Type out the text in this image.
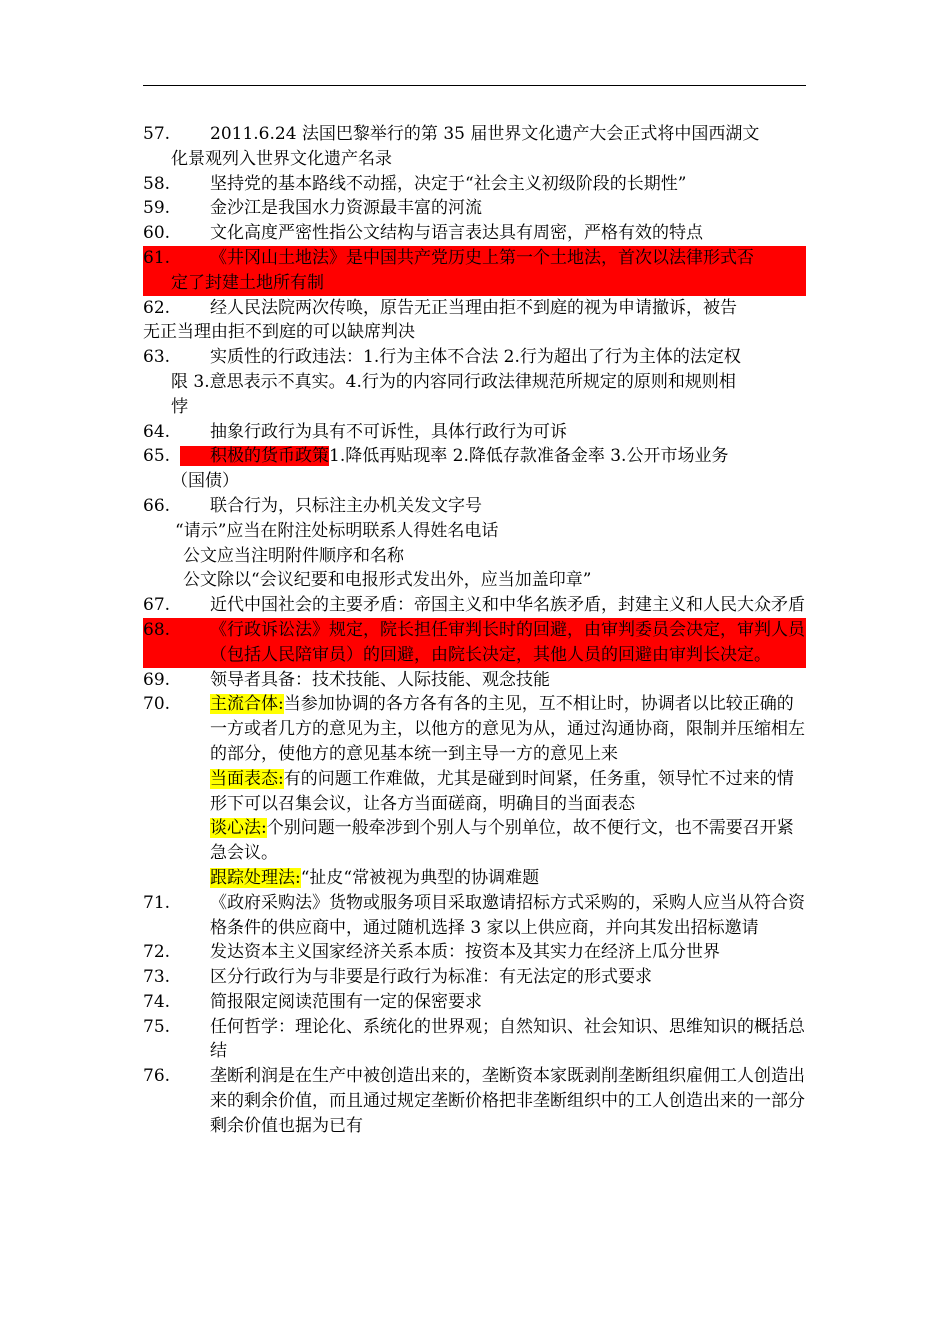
57. 2011.6.24 法国巴黎举行的第 35 届世界文化遗产大会正式将中国西湖文
化景观列入世界文化遗产名录
58.	坚持党的基本路线不动摇，决定于“社会主义初级阶段的长期性”
59.	金沙江是我国水力资源最丰富的河流
60.	文化高度严密性指公文结构与语言表达具有周密，严格有效的特点
61. 《井冈山土地法》是中国共产党历史上第一个土地法，首次以法律形式否
定了封建土地所有制
62. 经人民法院两次传唤，原告无正当理由拒不到庭的视为申请撤诉，被告
无正当理由拒不到庭的可以缺席判决
63. 实质性的行政违法：1.行为主体不合法 2.行为超出了行为主体的法定权
限 3.意思表示不真实。4.行为的内容同行政法律规范所规定的原则和规则相
悖
64.	抽象行政行为具有不可诉性，具体行政行为可诉
65. 积极的货币政策1.降低再贴现率 2.降低存款准备金率 3.公开市场业务
（国债）
66.	联合行为，只标注主办机关发文字号
“请示”应当在附注处标明联系人得姓名电话
公文应当注明附件顺序和名称
公文除以“会议纪要和电报形式发出外，应当加盖印章”
67.	近代中国社会的主要矛盾：帝国主义和中华名族矛盾，封建主义和人民大众矛盾
68.	《行政诉讼法》规定，院长担任审判长时的回避，由审判委员会决定，审判人员（包括人民陪审员）的回避，由院长决定，其他人员的回避由审判长决定。
69.	领导者具备：技术技能、人际技能、观念技能
70.	主流合体:当参加协调的各方各有各的主见，互不相让时，协调者以比较正确的一方或者几方的意见为主，以他方的意见为从，通过沟通协商，限制并压缩相左的部分，使他方的意见基本统一到主导一方的意见上来
当面表态:有的问题工作难做，尤其是碰到时间紧，任务重，领导忙不过来的情形下可以召集会议，让各方当面磋商，明确目的当面表态
谈心法:个别问题一般牵涉到个别人与个别单位，故不便行文，也不需要召开紧急会议。
跟踪处理法:“扯皮“常被视为典型的协调难题
71.	《政府采购法》货物或服务项目采取邀请招标方式采购的，采购人应当从符合资格条件的供应商中，通过随机选择 3 家以上供应商，并向其发出招标邀请
72.	发达资本主义国家经济关系本质：按资本及其实力在经济上瓜分世界
73.	区分行政行为与非要是行政行为标准：有无法定的形式要求
74.	简报限定阅读范围有一定的保密要求
75.	任何哲学：理论化、系统化的世界观；自然知识、社会知识、思维知识的概括总结
76.	垄断利润是在生产中被创造出来的，垄断资本家既剥削垄断组织雇佣工人创造出来的剩余价值，而且通过规定垄断价格把非垄断组织中的工人创造出来的一部分剩余价值也据为已有
